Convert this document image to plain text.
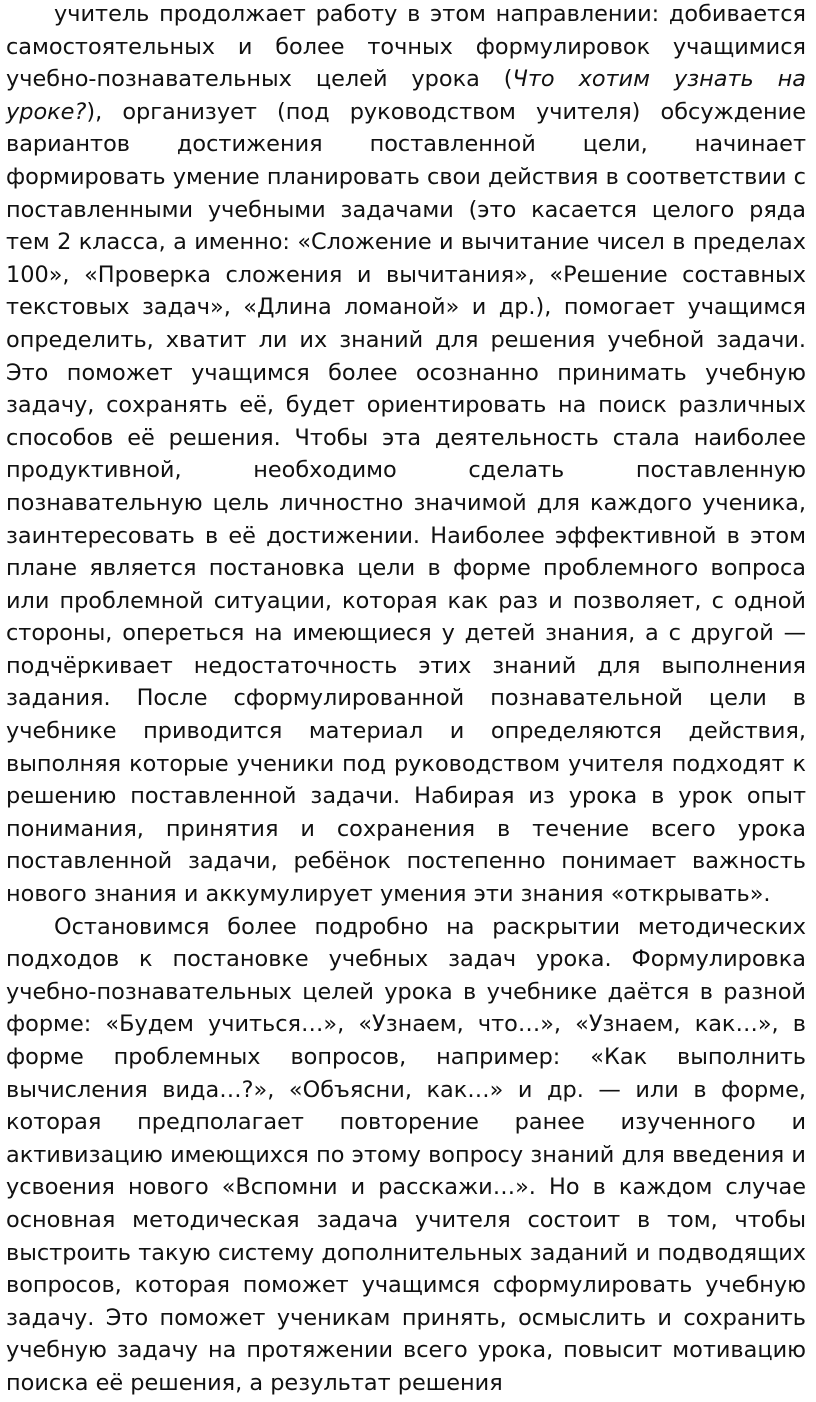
учитель продолжает работу в этом направлении: добивается самостоятельных и более точных формулировок учащимися учебно-познавательных целей урока (Что хотим узнать на уроке?), организует (под руководством учителя) обсуждение вариантов достижения поставленной цели, начинает формировать умение планировать свои действия в соответствии с поставленными учебными задачами (это касается целого ряда тем 2 класса, а именно: «Сложение и вычитание чисел в пределах 100», «Проверка сложения и вычитания», «Решение составных текстовых задач», «Длина ломаной» и др.), помогает учащимся определить, хватит ли их знаний для решения учебной задачи. Это поможет учащимся более осознанно принимать учебную задачу, сохранять её, будет ориентировать на поиск различных способов её решения. Чтобы эта деятельность стала наиболее продуктивной, необходимо сделать поставленную познавательную цель личностно значимой для каждого ученика, заинтересовать в её достижении. Наиболее эффективной в этом плане является постановка цели в форме проблемного вопроса или проблемной ситуации, которая как раз и позволяет, с одной стороны, опереться на имеющиеся у детей знания, а с другой — подчёркивает недостаточность этих знаний для выполнения задания. После сформулированной познавательной цели в учебнике приводится материал и определяются действия, выполняя которые ученики под руководством учителя подходят к решению поставленной задачи. Набирая из урока в урок опыт понимания, принятия и сохранения в течение всего урока поставленной задачи, ребёнок постепенно понимает важность нового знания и аккумулирует умения эти знания «открывать».

Остановимся более подробно на раскрытии методических подходов к постановке учебных задач урока. Формулировка учебно-познавательных целей урока в учебнике даётся в разной форме: «Будем учиться…», «Узнаем, что…», «Узнаем, как…», в форме проблемных вопросов, например: «Как выполнить вычисления вида…?», «Объясни, как…» и др. — или в форме, которая предполагает повторение ранее изученного и активизацию имеющихся по этому вопросу знаний для введения и усвоения нового «Вспомни и расскажи…». Но в каждом случае основная методическая задача учителя состоит в том, чтобы выстроить такую систему дополнительных заданий и подводящих вопросов, которая поможет учащимся сформулировать учебную задачу. Это поможет ученикам принять, осмыслить и сохранить учебную задачу на протяжении всего урока, повысит мотивацию поиска её решения, а результат решения
